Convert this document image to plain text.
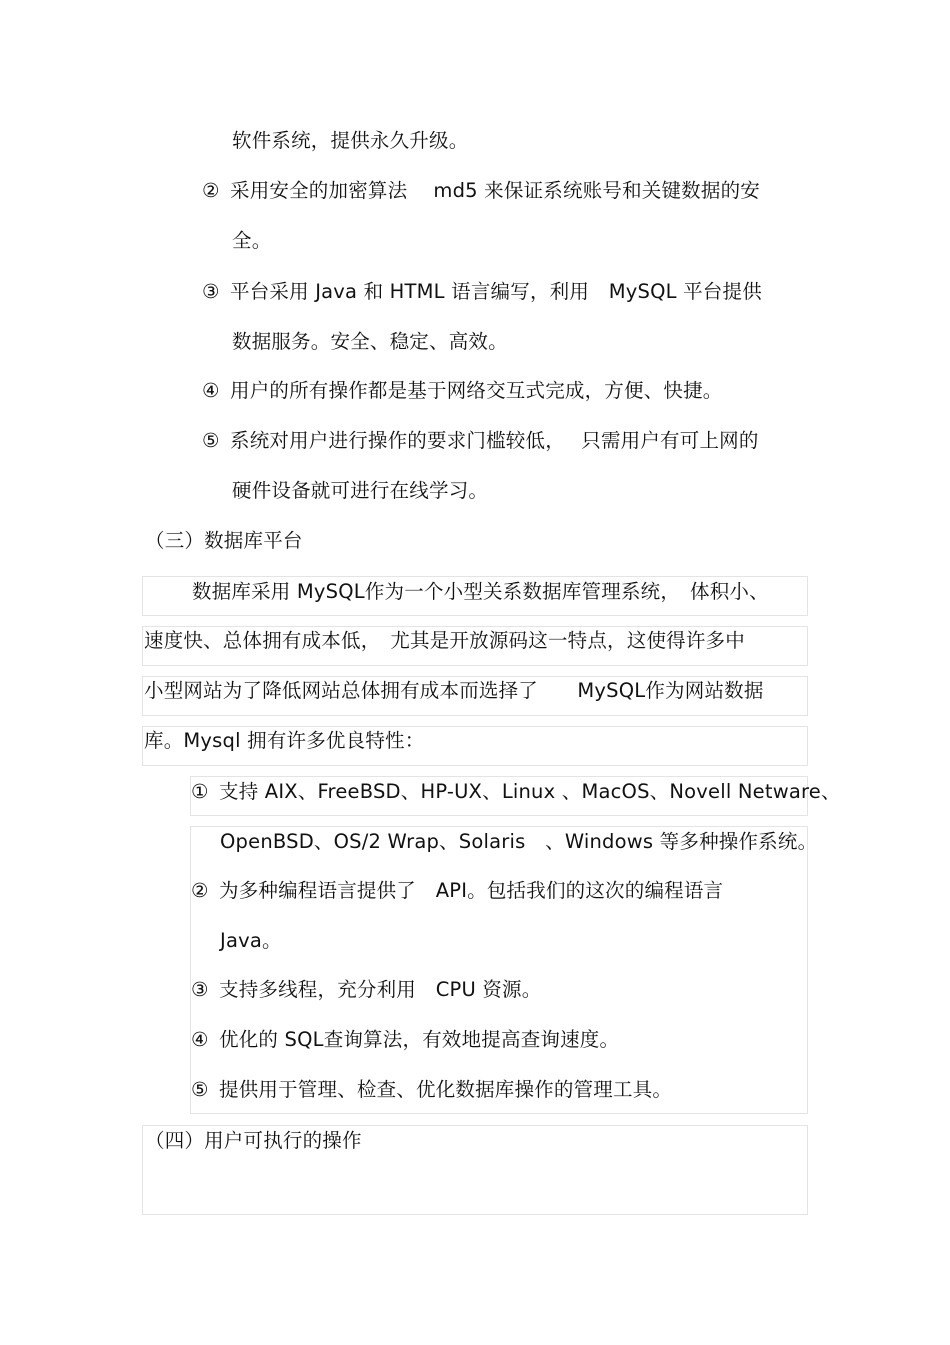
软件系统，提供永久升级。
② 采用安全的加密算法　 md5 来保证系统账号和关键数据的安
全。
③ 平台采用 Java 和 HTML 语言编写，利用　MySQL 平台提供
数据服务。安全、稳定、高效。
④ 用户的所有操作都是基于网络交互式完成，方便、快捷。
⑤ 系统对用户进行操作的要求门槛较低，　 只需用户有可上网的
硬件设备就可进行在线学习。
（三）数据库平台
数据库采用 MySQL作为一个小型关系数据库管理系统，　体积小、
速度快、总体拥有成本低，　尤其是开放源码这一特点，这使得许多中
小型网站为了降低网站总体拥有成本而选择了　　MySQL作为网站数据
库。Mysql 拥有许多优良特性：
① 支持 AIX、FreeBSD、HP-UX、Linux 、MacOS、Novell Netware、
OpenBSD、OS/2 Wrap、Solaris　、Windows 等多种操作系统。
② 为多种编程语言提供了　API。包括我们的这次的编程语言
Java。
③ 支持多线程，充分利用　CPU 资源。
④ 优化的 SQL查询算法，有效地提高查询速度。
⑤ 提供用于管理、检查、优化数据库操作的管理工具。
（四）用户可执行的操作
